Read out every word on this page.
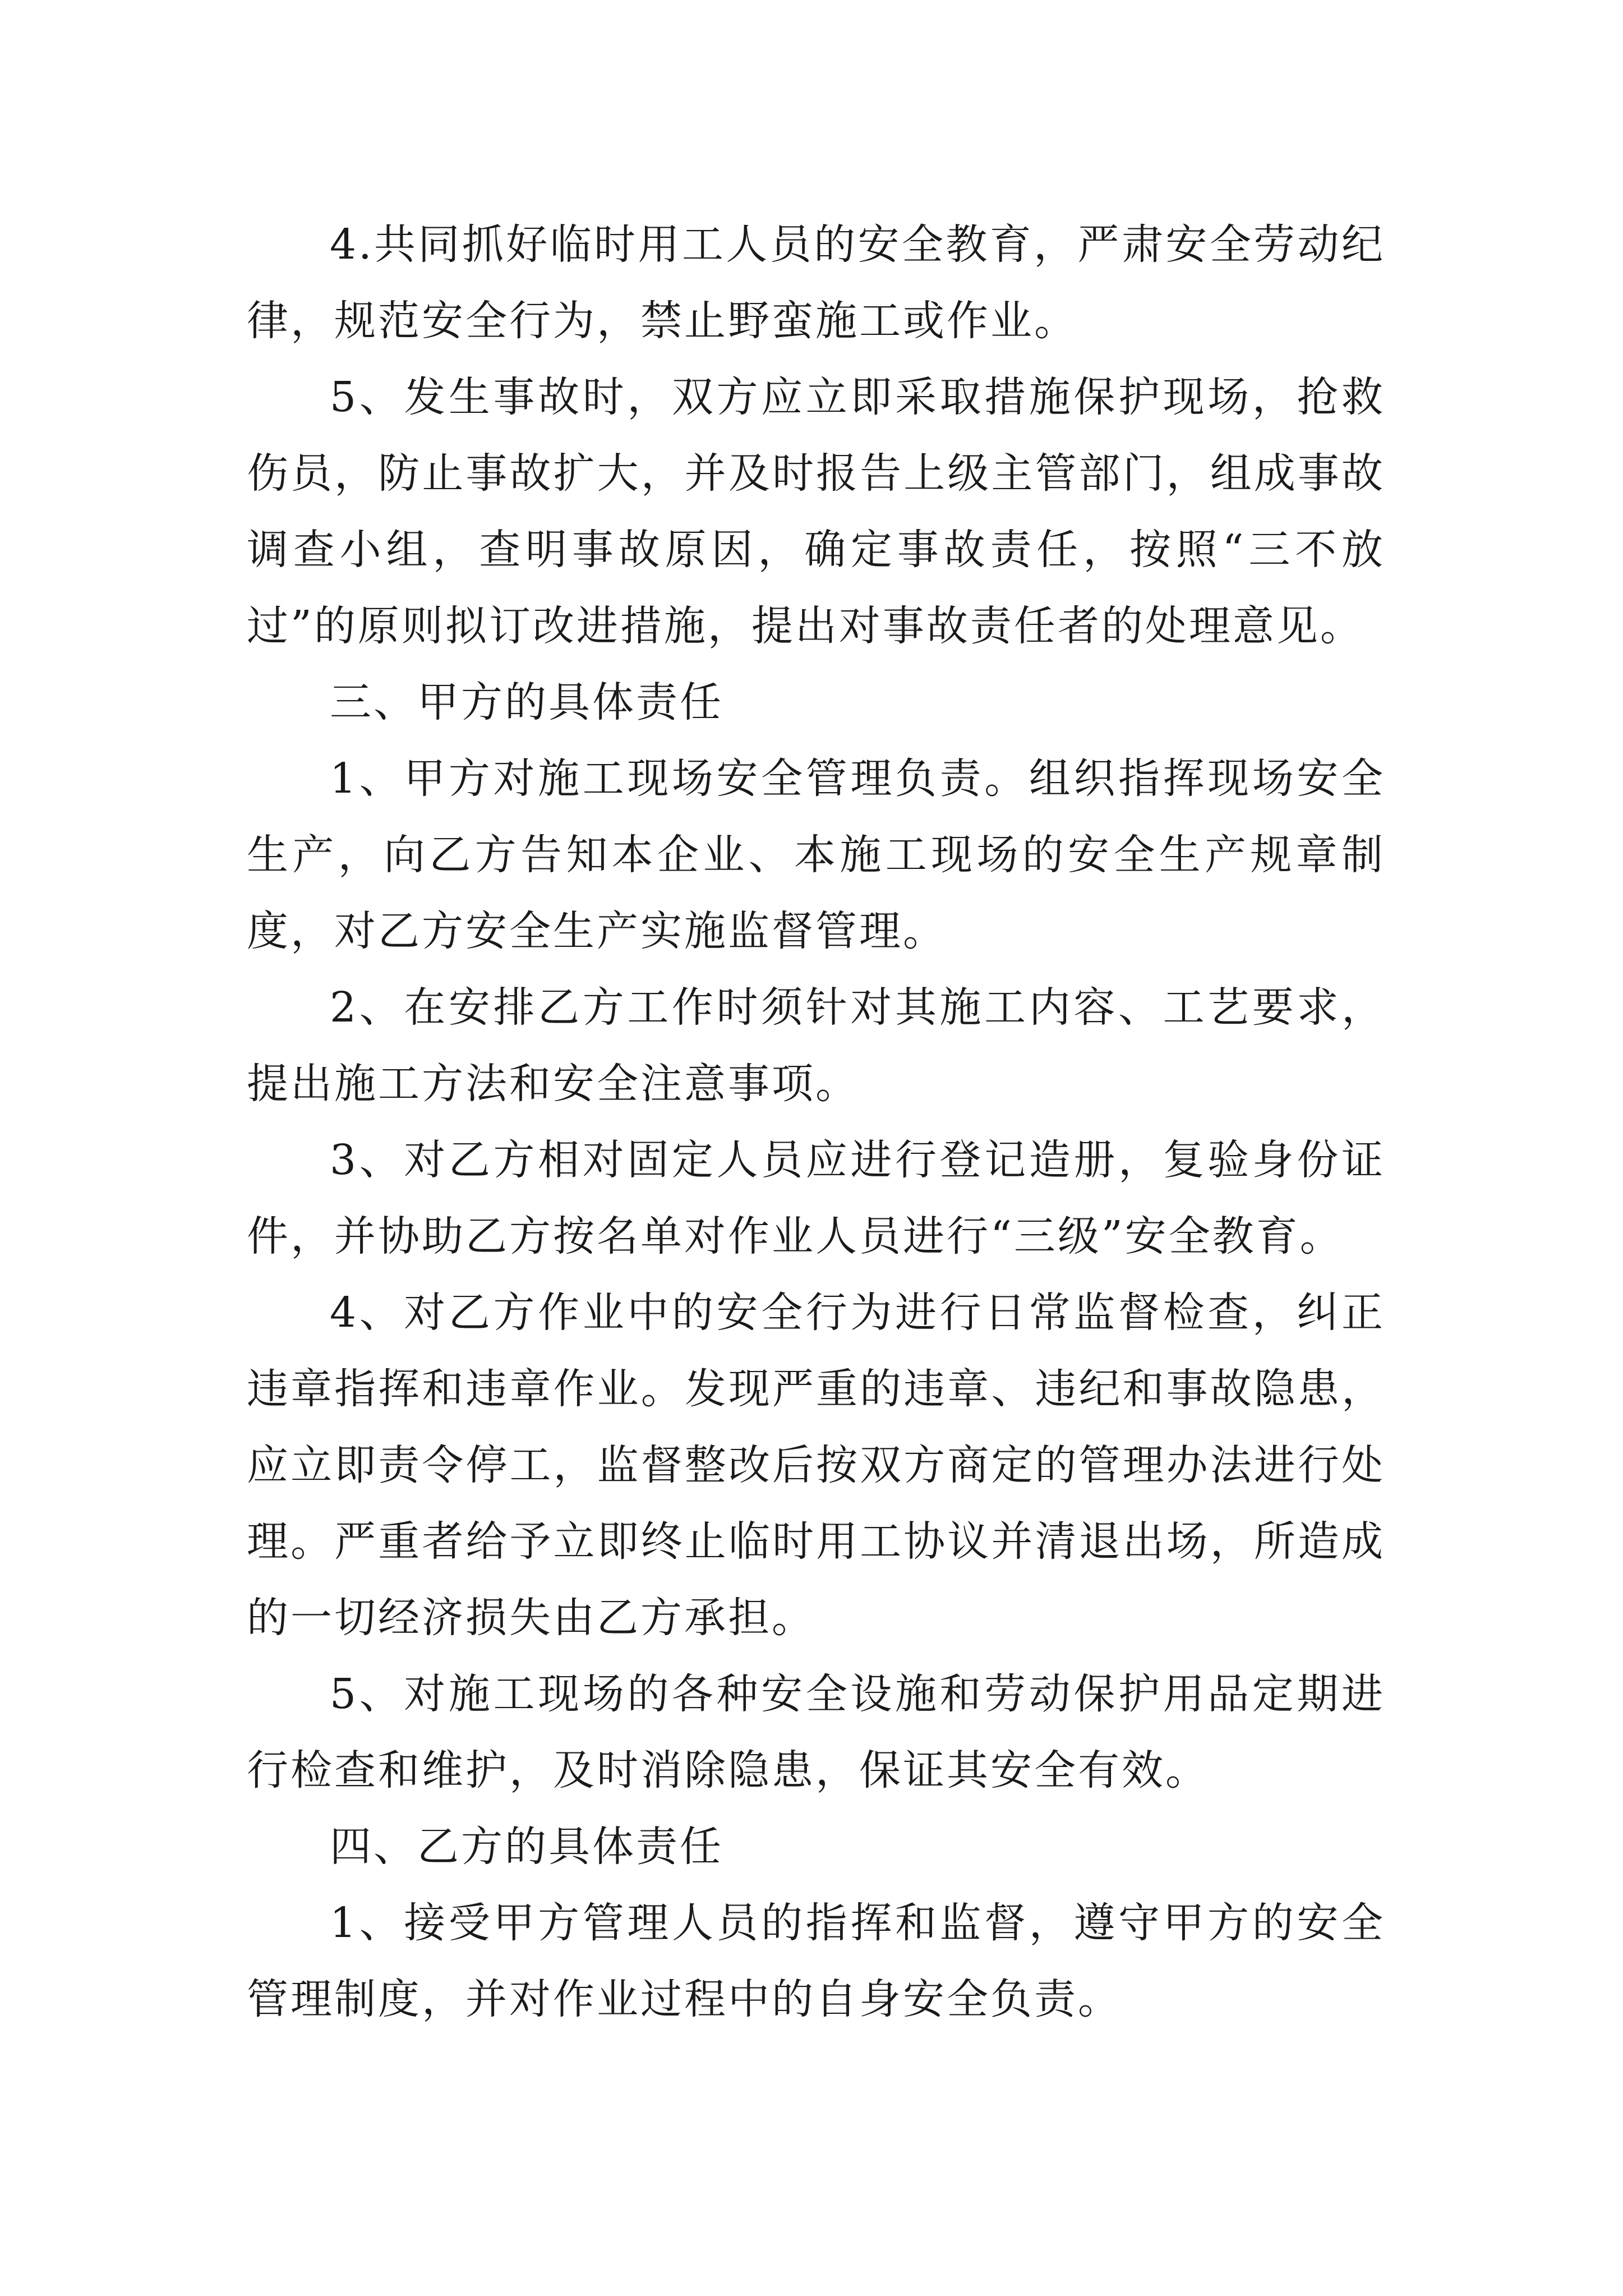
4.共同抓好临时用工人员的安全教育，严肃安全劳动纪律，规范安全行为，禁止野蛮施工或作业。

5、发生事故时，双方应立即采取措施保护现场，抢救伤员，防止事故扩大，并及时报告上级主管部门，组成事故调查小组，查明事故原因，确定事故责任，按照“三不放过”的原则拟订改进措施，提出对事故责任者的处理意见。

三、甲方的具体责任

1、甲方对施工现场安全管理负责。组织指挥现场安全生产，向乙方告知本企业、本施工现场的安全生产规章制度，对乙方安全生产实施监督管理。

2、在安排乙方工作时须针对其施工内容、工艺要求，提出施工方法和安全注意事项。

3、对乙方相对固定人员应进行登记造册，复验身份证件，并协助乙方按名单对作业人员进行“三级”安全教育。

4、对乙方作业中的安全行为进行日常监督检查，纠正违章指挥和违章作业。发现严重的违章、违纪和事故隐患，应立即责令停工，监督整改后按双方商定的管理办法进行处理。严重者给予立即终止临时用工协议并清退出场，所造成的一切经济损失由乙方承担。

5、对施工现场的各种安全设施和劳动保护用品定期进行检查和维护，及时消除隐患，保证其安全有效。

四、乙方的具体责任

1、接受甲方管理人员的指挥和监督，遵守甲方的安全管理制度，并对作业过程中的自身安全负责。
